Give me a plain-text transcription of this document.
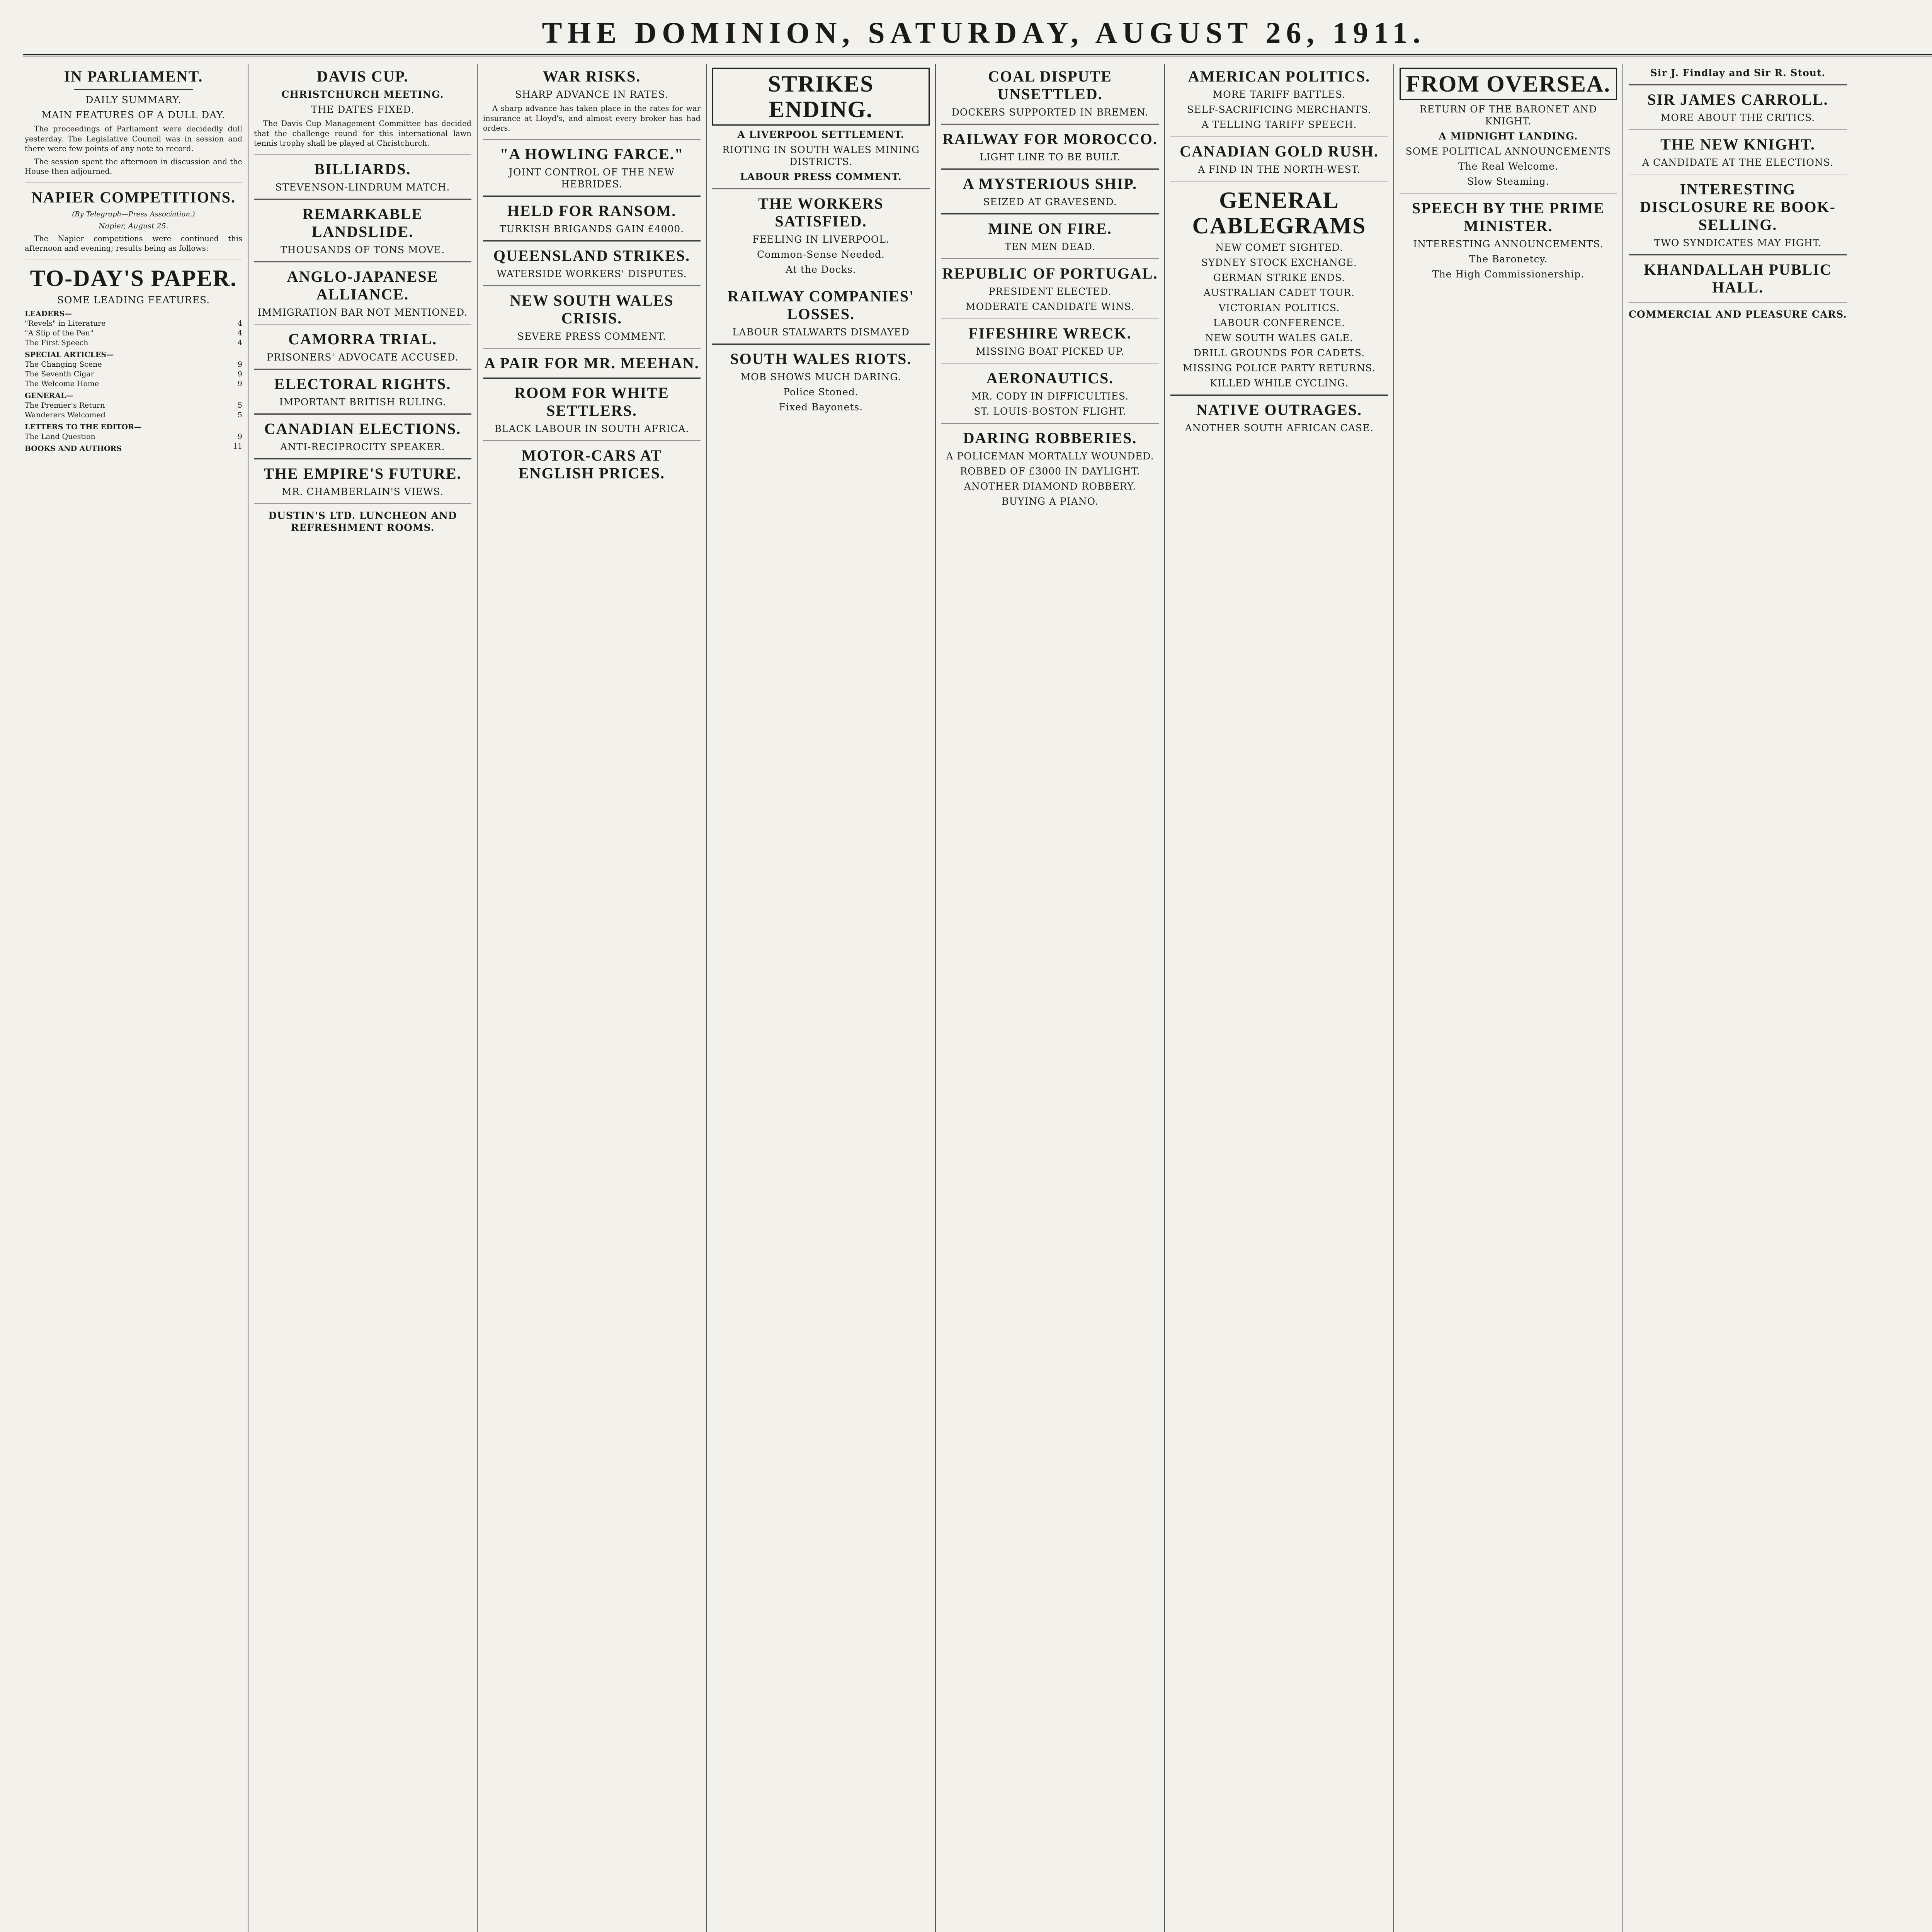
THE DOMINION, SATURDAY, AUGUST 26, 1911.
IN PARLIAMENT.
DAILY SUMMARY.
MAIN FEATURES OF A DULL DAY.

The proceedings of Parliament were decidedly dull yesterday. The Legislative Council was in session and there were few points of any note to record.

The session spent the afternoon in discussion and the House then adjourned.

NAPIER COMPETITIONS.
(By Telegraph—Press Association.)
Napier, August 25.

The Napier competitions were continued this afternoon and evening; results being as follows:

TO-DAY'S PAPER.
SOME LEADING FEATURES.
LEADERS—
"Revels" in Literature	4
"A Slip of the Pen"	4
The First Speech	4
SPECIAL ARTICLES—
The Changing Scene	9
The Seventh Cigar	9
The Welcome Home	9
GENERAL—
The Premier's Return	5
Wanderers Welcomed	5
LETTERS TO THE EDITOR—
The Land Question	9
BOOKS AND AUTHORS	11
DAVIS CUP.
CHRISTCHURCH MEETING.
THE DATES FIXED.

The Davis Cup Management Committee has decided that the challenge round for this international lawn tennis trophy shall be played at Christchurch.

BILLIARDS.
STEVENSON-LINDRUM MATCH.
REMARKABLE LANDSLIDE.
THOUSANDS OF TONS MOVE.
ANGLO-JAPANESE ALLIANCE.
IMMIGRATION BAR NOT MENTIONED.
CAMORRA TRIAL.
PRISONERS' ADVOCATE ACCUSED.
ELECTORAL RIGHTS.
IMPORTANT BRITISH RULING.
CANADIAN ELECTIONS.
ANTI-RECIPROCITY SPEAKER.
THE EMPIRE'S FUTURE.
MR. CHAMBERLAIN'S VIEWS.
DUSTIN'S LTD. LUNCHEON AND REFRESHMENT ROOMS.
WAR RISKS.
SHARP ADVANCE IN RATES.

A sharp advance has taken place in the rates for war insurance at Lloyd's, and almost every broker has had orders.

"A HOWLING FARCE."
JOINT CONTROL OF THE NEW HEBRIDES.
HELD FOR RANSOM.
TURKISH BRIGANDS GAIN £4000.
QUEENSLAND STRIKES.
WATERSIDE WORKERS' DISPUTES.
NEW SOUTH WALES CRISIS.
SEVERE PRESS COMMENT.
A PAIR FOR MR. MEEHAN.
ROOM FOR WHITE SETTLERS.
BLACK LABOUR IN SOUTH AFRICA.
MOTOR-CARS AT ENGLISH PRICES.
STRIKES ENDING.
A LIVERPOOL SETTLEMENT.
RIOTING IN SOUTH WALES MINING DISTRICTS.
LABOUR PRESS COMMENT.
THE WORKERS SATISFIED.
FEELING IN LIVERPOOL.
Common-Sense Needed.
At the Docks.
RAILWAY COMPANIES' LOSSES.
LABOUR STALWARTS DISMAYED
SOUTH WALES RIOTS.
MOB SHOWS MUCH DARING.
Police Stoned.
Fixed Bayonets.
COAL DISPUTE UNSETTLED.
DOCKERS SUPPORTED IN BREMEN.
RAILWAY FOR MOROCCO.
LIGHT LINE TO BE BUILT.
A MYSTERIOUS SHIP.
SEIZED AT GRAVESEND.
MINE ON FIRE.
TEN MEN DEAD.
REPUBLIC OF PORTUGAL.
PRESIDENT ELECTED.
MODERATE CANDIDATE WINS.
FIFESHIRE WRECK.
MISSING BOAT PICKED UP.
AERONAUTICS.
MR. CODY IN DIFFICULTIES.
ST. LOUIS-BOSTON FLIGHT.
DARING ROBBERIES.
A POLICEMAN MORTALLY WOUNDED.
ROBBED OF £3000 IN DAYLIGHT.
ANOTHER DIAMOND ROBBERY.
BUYING A PIANO.
AMERICAN POLITICS.
MORE TARIFF BATTLES.
SELF-SACRIFICING MERCHANTS.
A TELLING TARIFF SPEECH.
CANADIAN GOLD RUSH.
A FIND IN THE NORTH-WEST.
GENERAL CABLEGRAMS
NEW COMET SIGHTED.
SYDNEY STOCK EXCHANGE.
GERMAN STRIKE ENDS.
AUSTRALIAN CADET TOUR.
VICTORIAN POLITICS.
LABOUR CONFERENCE.
NEW SOUTH WALES GALE.
DRILL GROUNDS FOR CADETS.
MISSING POLICE PARTY RETURNS.
KILLED WHILE CYCLING.
NATIVE OUTRAGES.
ANOTHER SOUTH AFRICAN CASE.
FROM OVERSEA.
RETURN OF THE BARONET AND KNIGHT.
A MIDNIGHT LANDING.
SOME POLITICAL ANNOUNCEMENTS
The Real Welcome.
Slow Steaming.
SPEECH BY THE PRIME MINISTER.
INTERESTING ANNOUNCEMENTS.
The Baronetcy.
The High Commissionership.
Sir J. Findlay and Sir R. Stout.
SIR JAMES CARROLL.
MORE ABOUT THE CRITICS.
THE NEW KNIGHT.
A CANDIDATE AT THE ELECTIONS.
INTERESTING DISCLOSURE RE BOOK-SELLING.
TWO SYNDICATES MAY FIGHT.
KHANDALLAH PUBLIC HALL.
COMMERCIAL AND PLEASURE CARS.
